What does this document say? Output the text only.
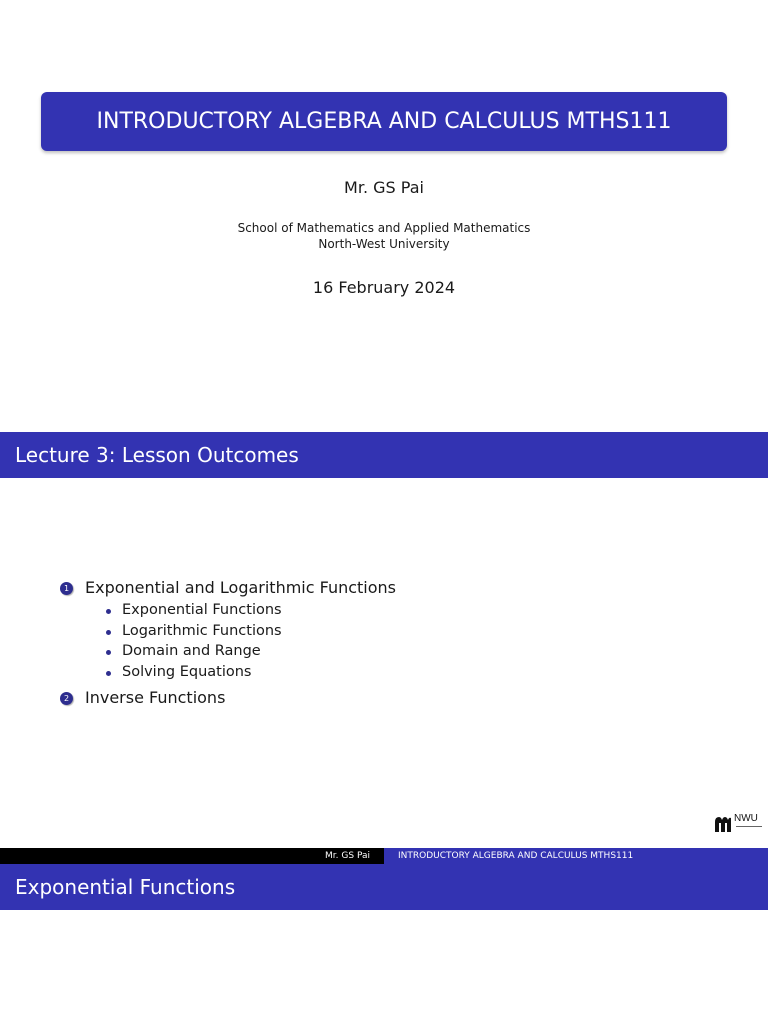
INTRODUCTORY ALGEBRA AND CALCULUS MTHS111
Mr. GS Pai
School of Mathematics and Applied Mathematics
North-West University
16 February 2024
Lecture 3: Lesson Outcomes
1 Exponential and Logarithmic Functions
Exponential Functions
Logarithmic Functions
Domain and Range
Solving Equations
2 Inverse Functions
NWU
Mr. GS Pai	INTRODUCTORY ALGEBRA AND CALCULUS MTHS111
Exponential Functions
